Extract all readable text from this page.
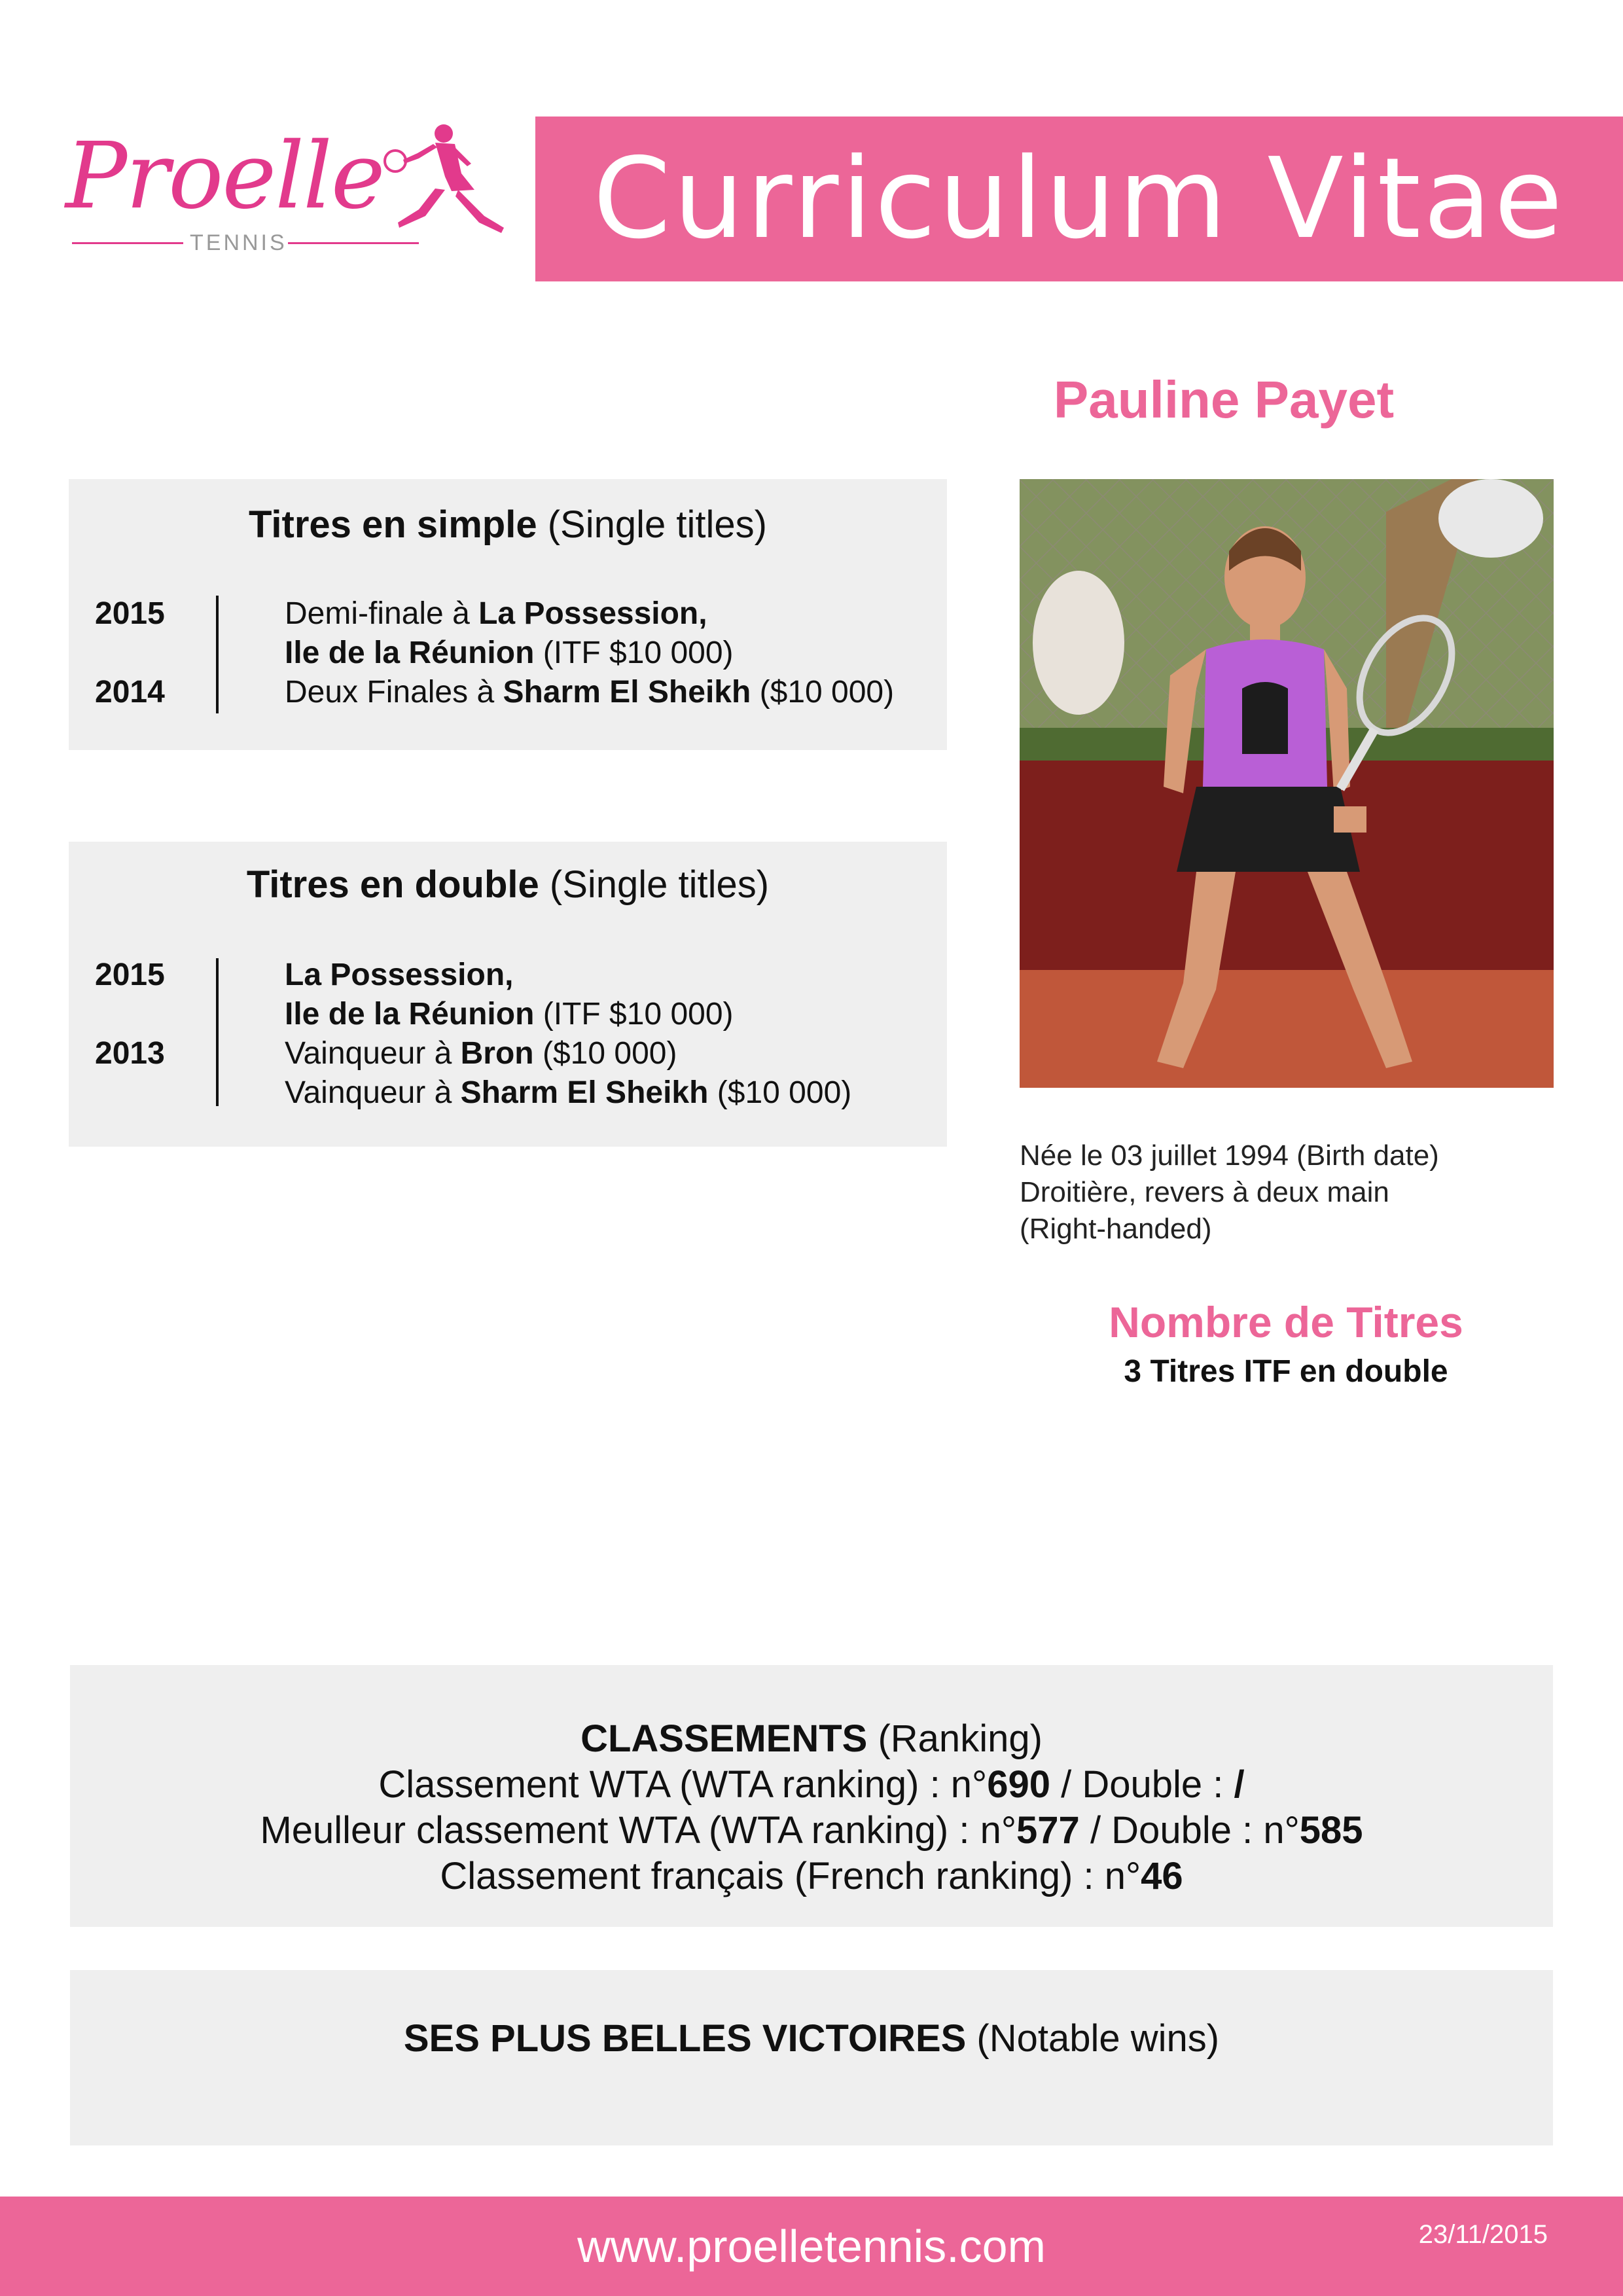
Proelle
TENNIS	Curriculum Vitae
Pauline Payet
Titres en simple (Single titles)
2015
2014
Demi-finale à La Possession,
Ile de la Réunion (ITF $10 000)
Deux Finales à Sharm El Sheikh ($10 000)
Titres en double (Single titles)
2015
2013
La Possession,
Ile de la Réunion (ITF $10 000)
Vainqueur à Bron ($10 000)
Vainqueur à Sharm El Sheikh ($10 000)
Née le 03 juillet 1994 (Birth date)
Droitière, revers à deux main
(Right-handed)
Nombre de Titres
3 Titres ITF en double
CLASSEMENTS (Ranking)
Classement WTA (WTA ranking) : n°690 / Double : /
Meulleur classement WTA (WTA ranking) : n°577 / Double : n°585
Classement français (French ranking) : n°46
SES PLUS BELLES VICTOIRES (Notable wins)
www.proelletennis.com	23/11/2015
